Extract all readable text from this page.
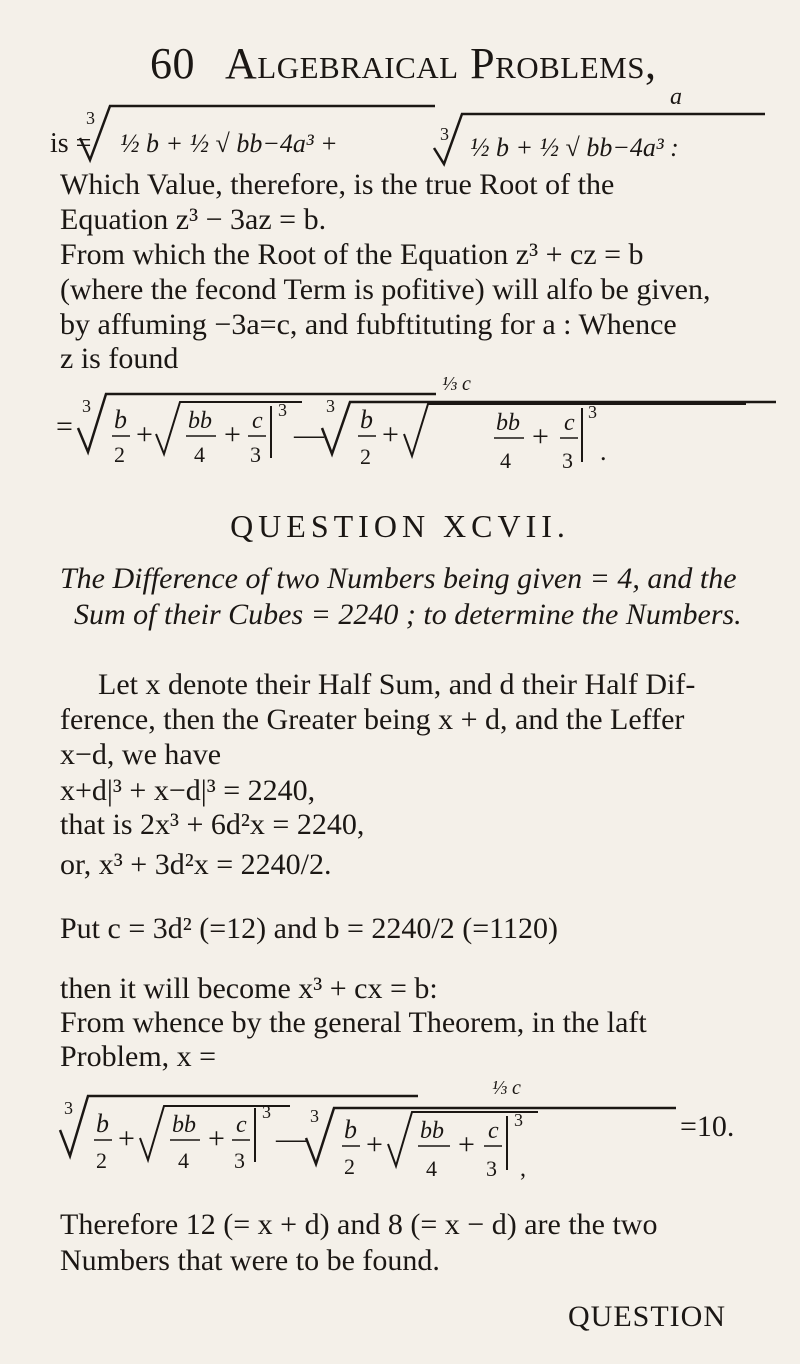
60 Algebraical Problems,
is =
3
½ b + ½ √ bb−4a³ +
a
3 ½ b + ½ √ bb−4a³ :
Which Value, therefore, is the true Root of the
Equation z³ − 3az = b.
From which the Root of the Equation z³ + cz = b
(where the fecond Term is pofitive) will alfo be given,
by affuming −3a=c, and fubftituting for a : Whence
z is found
=
3 b
2
+ bb
4
+ c
3
3
—
⅓ c
3 b
2
+	bb
4
+ c
3
3
.
QUESTION XCVII.
The Difference of two Numbers being given = 4, and the
Sum of their Cubes = 2240 ; to determine the Numbers.
Let x denote their Half Sum, and d their Half Dif-
ference, then the Greater being x + d, and the Leffer
x−d, we have
x+d|³ + x−d|³ = 2240,
that is 2x³ + 6d²x = 2240,
or, x³ + 3d²x = 2240/2.
Put c = 3d² (=12) and b = 2240/2 (=1120)
then it will become x³ + cx = b:
From whence by the general Theorem, in the laft
Problem, x =
3
b
2
+ bb
4
+ c
3
3
—
⅓ c
3 b
2
+ bb
4
+ c
3
3
,
=10.
Therefore 12 (= x + d) and 8 (= x − d) are the two
Numbers that were to be found.
QUESTION
